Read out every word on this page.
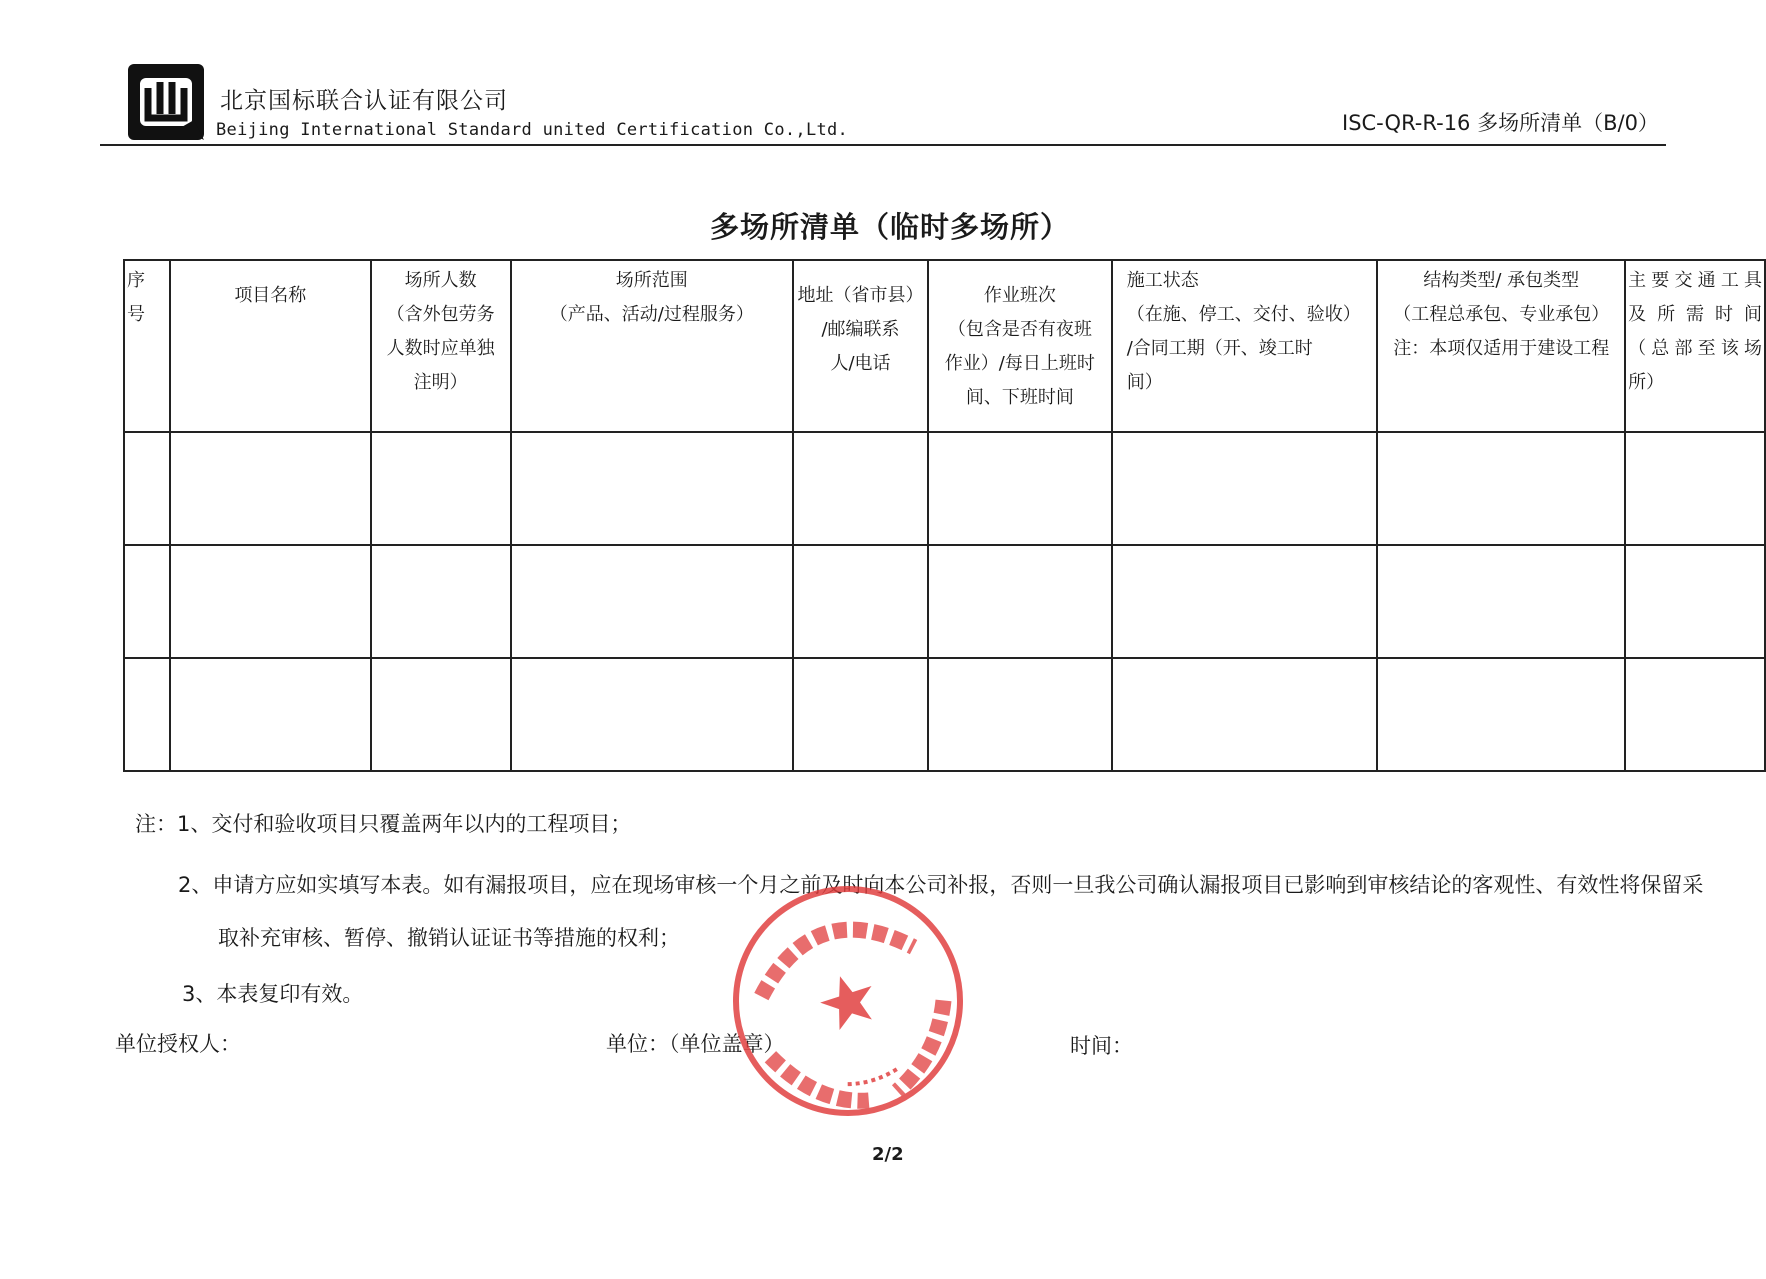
北京国标联合认证有限公司
Beijing International Standard united Certification Co.,Ltd.	ISC-QR-R-16 多场所清单（B/0）
多场所清单（临时多场所）
序
号	项目名称	场所人数
（含外包劳务
人数时应单独
注明）	场所范围
（产品、活动/过程服务）	地址（省市县）
/邮编联系
人/电话	作业班次
（包含是否有夜班
作业）/每日上班时
间、下班时间	施工状态
（在施、停工、交付、验收）
/合同工期（开、竣工时
间）	结构类型/ 承包类型
（工程总承包、专业承包）
注：本项仅适用于建设工程	主要交通工具
及所需时间
（总部至该场
所）

注：1、交付和验收项目只覆盖两年以内的工程项目；
2、申请方应如实填写本表。如有漏报项目，应在现场审核一个月之前及时向本公司补报，否则一旦我公司确认漏报项目已影响到审核结论的客观性、有效性将保留采
取补充审核、暂停、撤销认证证书等措施的权利；
3、本表复印有效。
单位授权人：	单位：（单位盖章）	时间：
2/2
